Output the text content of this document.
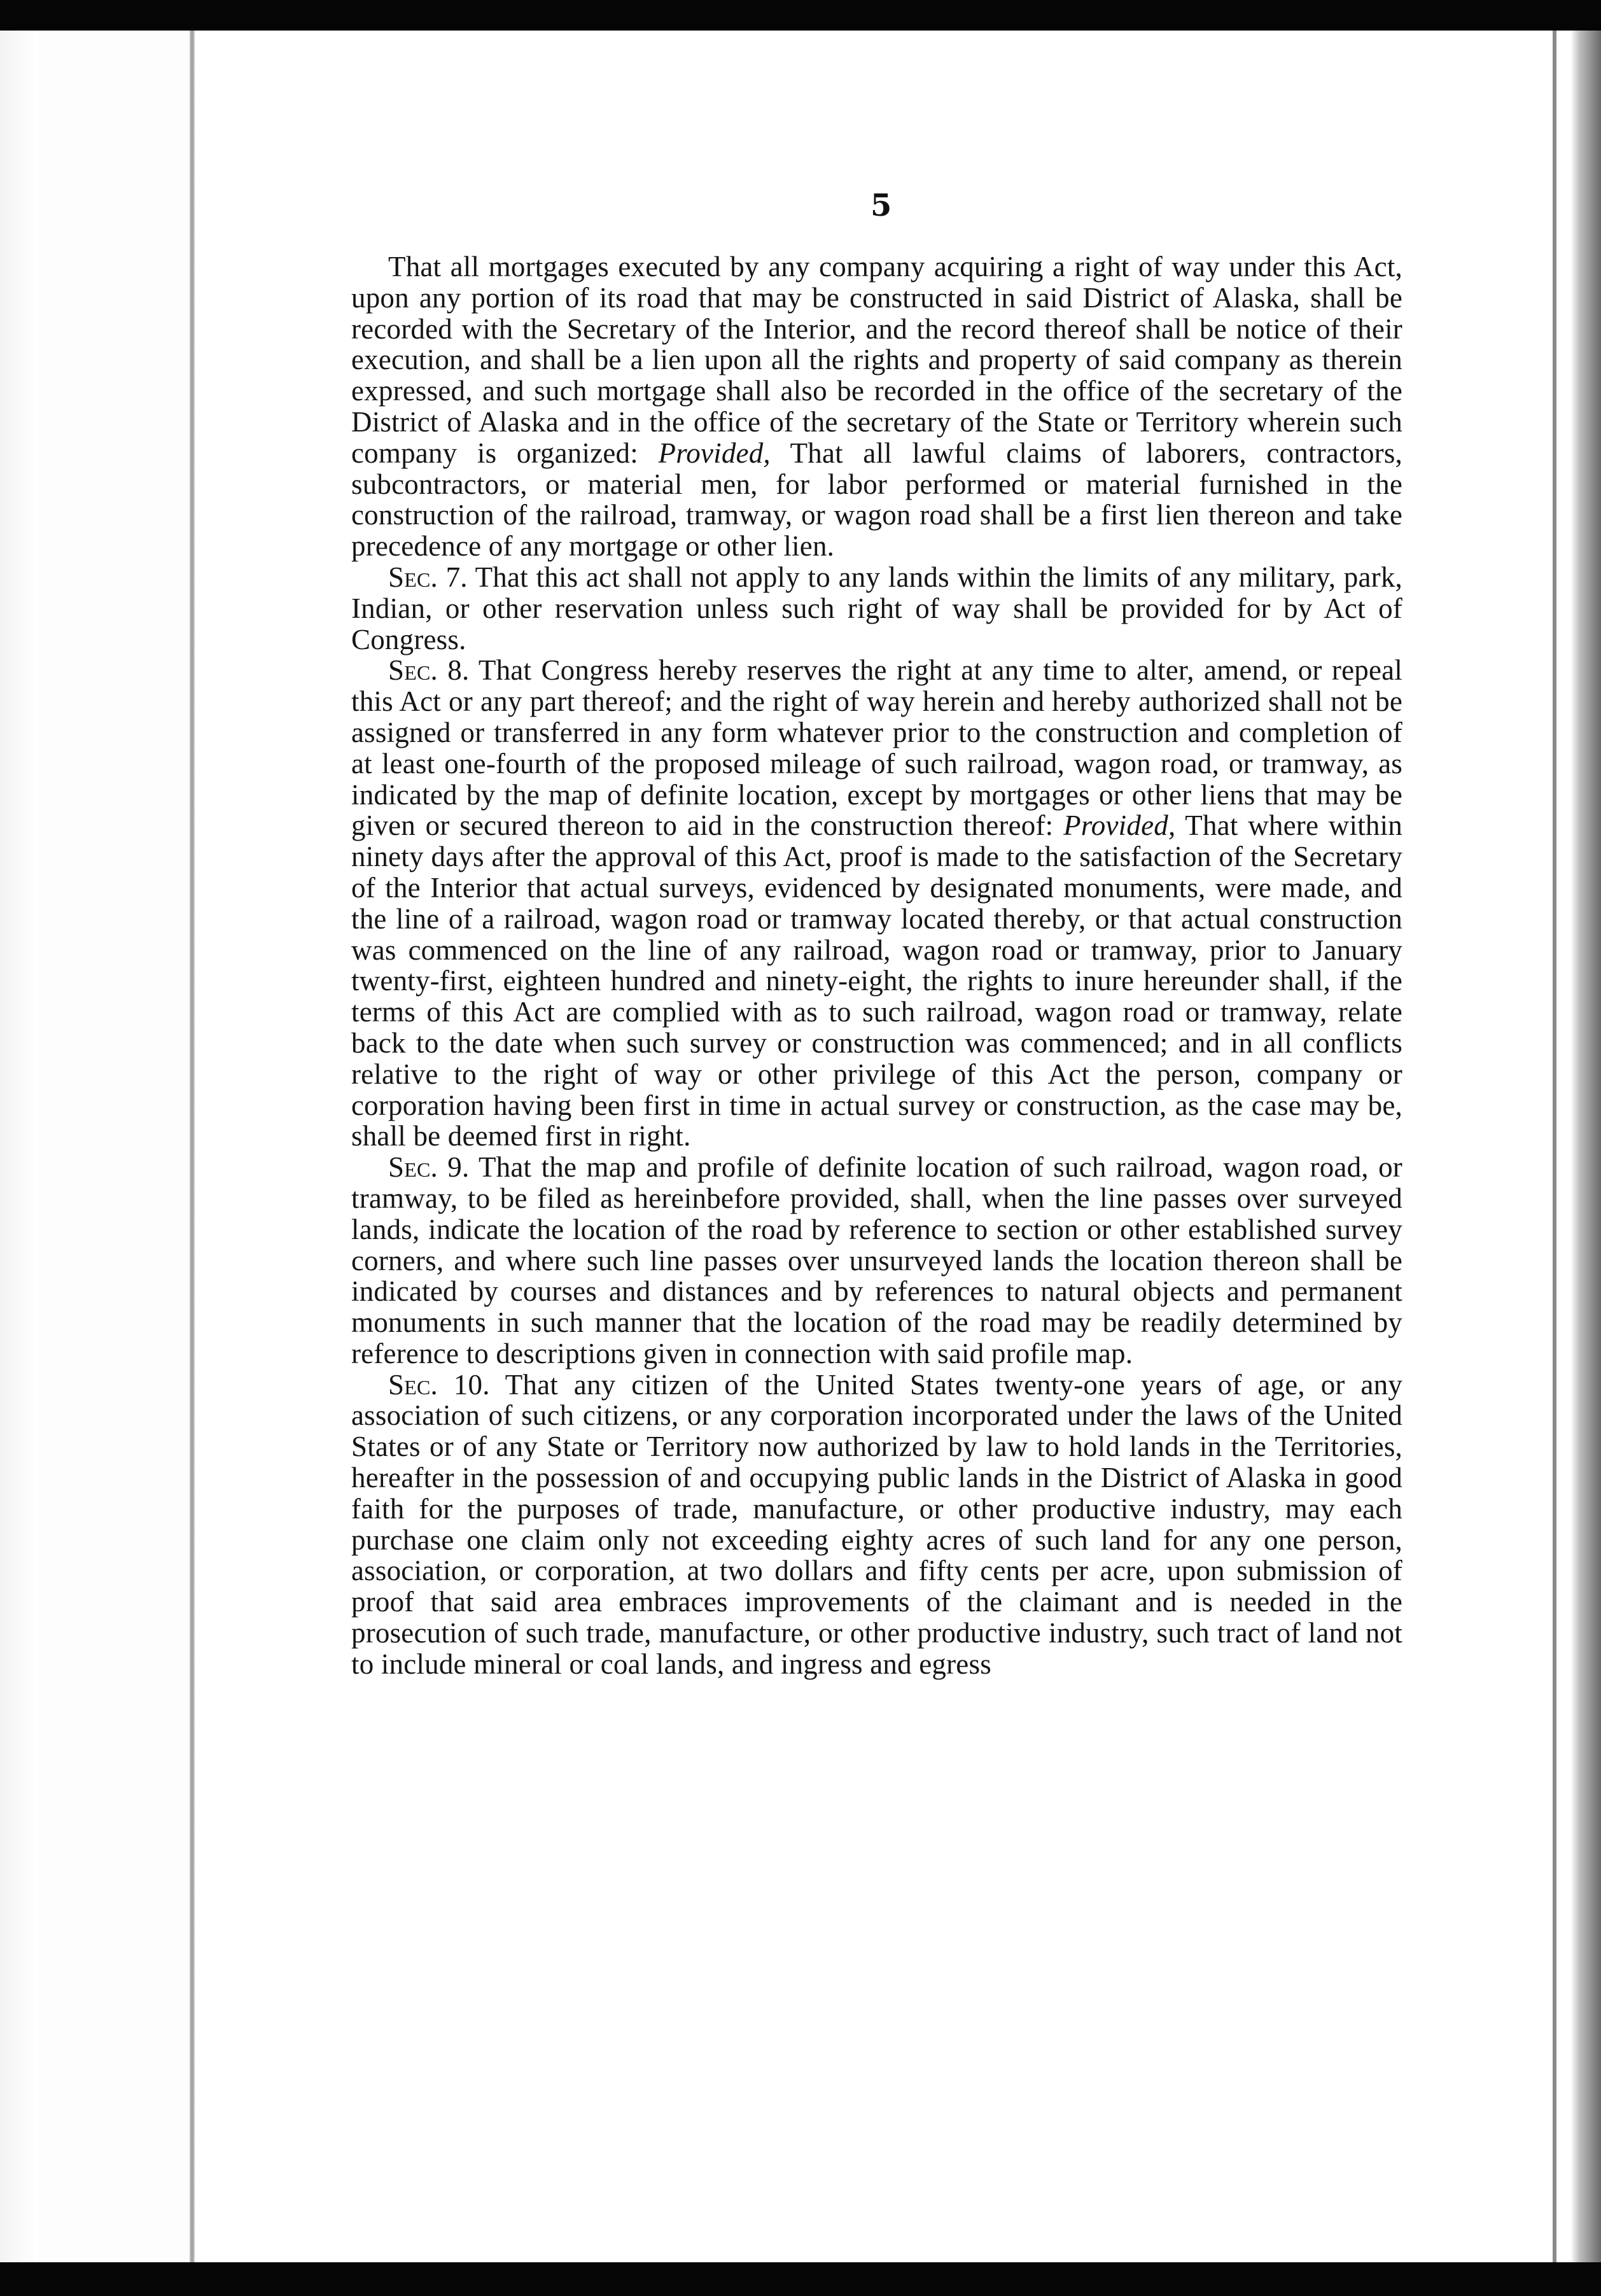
5

That all mortgages executed by any company acquiring a right of way under this Act, upon any portion of its road that may be constructed in said District of Alaska, shall be recorded with the Secretary of the Interior, and the record thereof shall be notice of their execution, and shall be a lien upon all the rights and property of said company as therein expressed, and such mortgage shall also be recorded in the office of the secretary of the District of Alaska and in the office of the secretary of the State or Territory wherein such company is organized: Provided, That all lawful claims of laborers, contractors, subcontractors, or material men, for labor performed or material furnished in the construction of the railroad, tramway, or wagon road shall be a first lien thereon and take precedence of any mortgage or other lien.

Sec. 7. That this act shall not apply to any lands within the limits of any military, park, Indian, or other reservation unless such right of way shall be provided for by Act of Congress.

Sec. 8. That Congress hereby reserves the right at any time to alter, amend, or repeal this Act or any part thereof; and the right of way herein and hereby authorized shall not be assigned or transferred in any form whatever prior to the construction and completion of at least one-fourth of the proposed mileage of such railroad, wagon road, or tramway, as indicated by the map of definite location, except by mortgages or other liens that may be given or secured thereon to aid in the construction thereof: Provided, That where within ninety days after the approval of this Act, proof is made to the satisfaction of the Secretary of the Interior that actual surveys, evidenced by designated monuments, were made, and the line of a railroad, wagon road or tramway located thereby, or that actual construction was commenced on the line of any railroad, wagon road or tramway, prior to January twenty-first, eighteen hundred and ninety-eight, the rights to inure hereunder shall, if the terms of this Act are complied with as to such railroad, wagon road or tramway, relate back to the date when such survey or construction was commenced; and in all conflicts relative to the right of way or other privilege of this Act the person, company or corporation having been first in time in actual survey or construction, as the case may be, shall be deemed first in right.

Sec. 9. That the map and profile of definite location of such railroad, wagon road, or tramway, to be filed as hereinbefore provided, shall, when the line passes over surveyed lands, indicate the location of the road by reference to section or other established survey corners, and where such line passes over unsurveyed lands the location thereon shall be indicated by courses and distances and by references to natural objects and permanent monuments in such manner that the location of the road may be readily determined by reference to descriptions given in connection with said profile map.

Sec. 10. That any citizen of the United States twenty-one years of age, or any association of such citizens, or any corporation incorporated under the laws of the United States or of any State or Territory now authorized by law to hold lands in the Territories, hereafter in the possession of and occupying public lands in the District of Alaska in good faith for the purposes of trade, manufacture, or other productive industry, may each purchase one claim only not exceeding eighty acres of such land for any one person, association, or corporation, at two dollars and fifty cents per acre, upon submission of proof that said area embraces improvements of the claimant and is needed in the prosecution of such trade, manufacture, or other productive industry, such tract of land not to include mineral or coal lands, and ingress and egress
